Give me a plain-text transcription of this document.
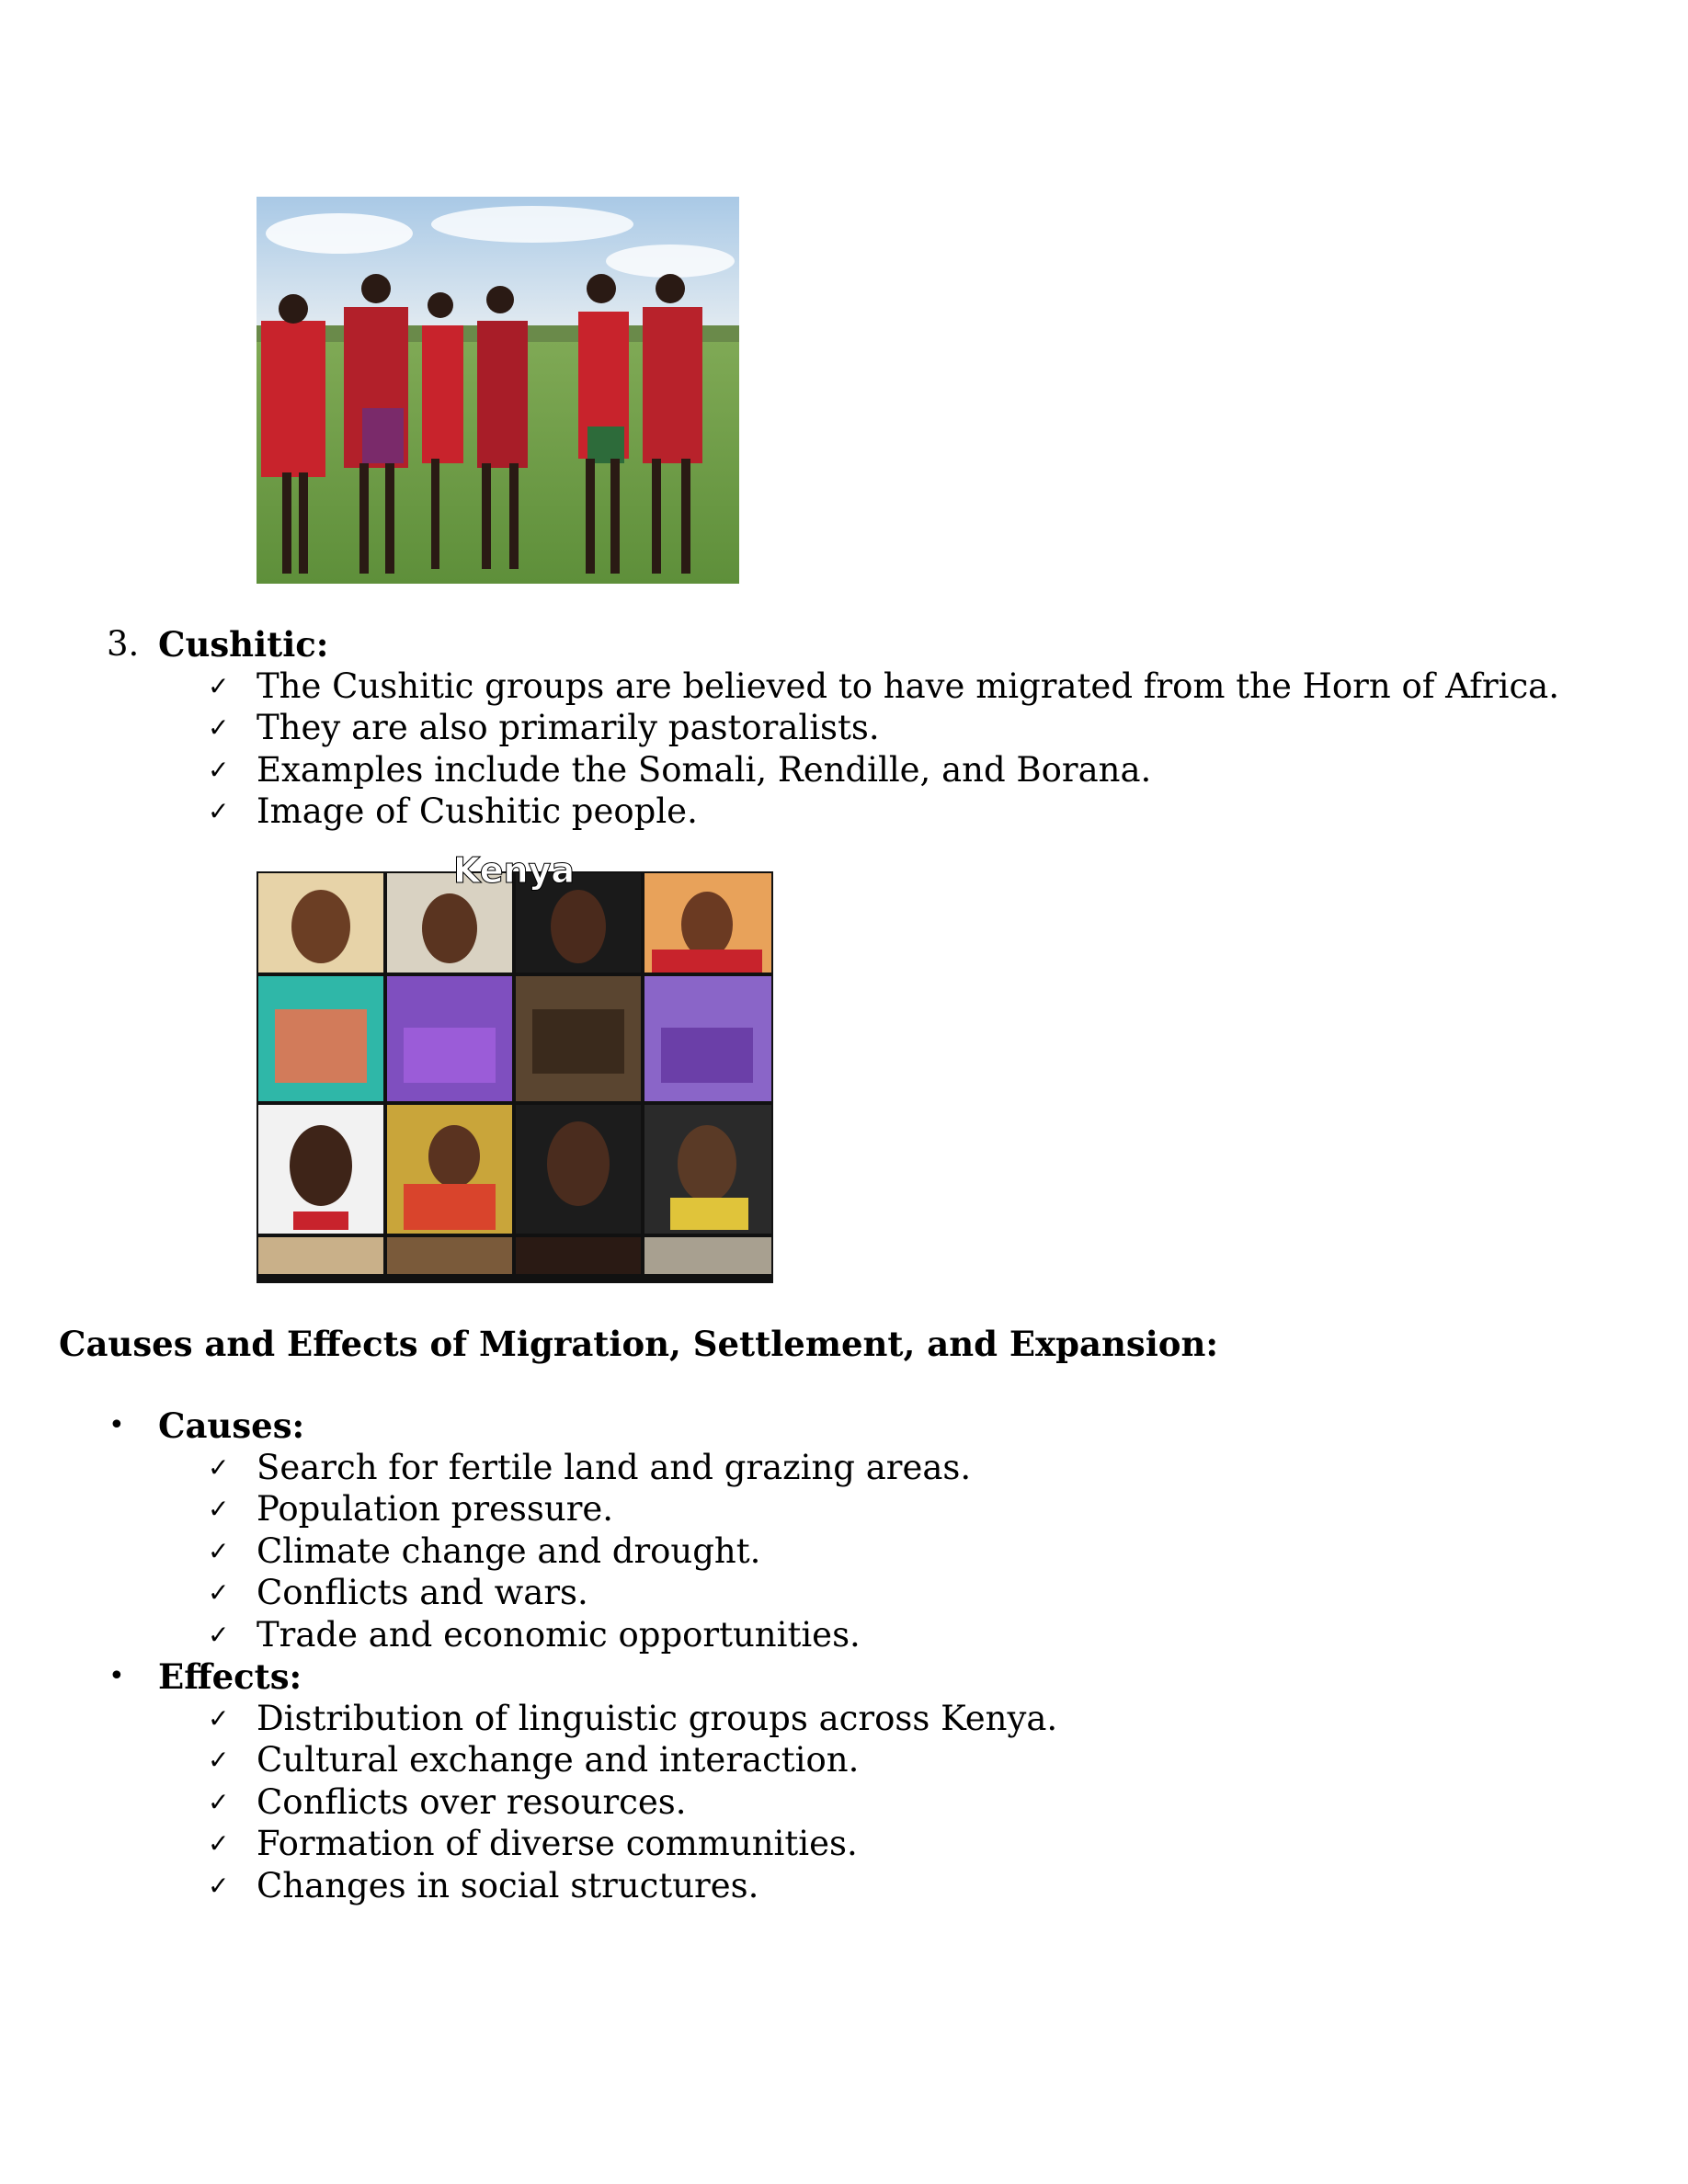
3. Cushitic:
✓ The Cushitic groups are believed to have migrated from the Horn of Africa.
✓ They are also primarily pastoralists.
✓ Examples include the Somali, Rendille, and Borana.
✓ Image of Cushitic people.
Kenya
Causes and Effects of Migration, Settlement, and Expansion:
• Causes:
✓ Search for fertile land and grazing areas.
✓ Population pressure.
✓ Climate change and drought.
✓ Conflicts and wars.
✓ Trade and economic opportunities.
• Effects:
✓ Distribution of linguistic groups across Kenya.
✓ Cultural exchange and interaction.
✓ Conflicts over resources.
✓ Formation of diverse communities.
✓ Changes in social structures.
